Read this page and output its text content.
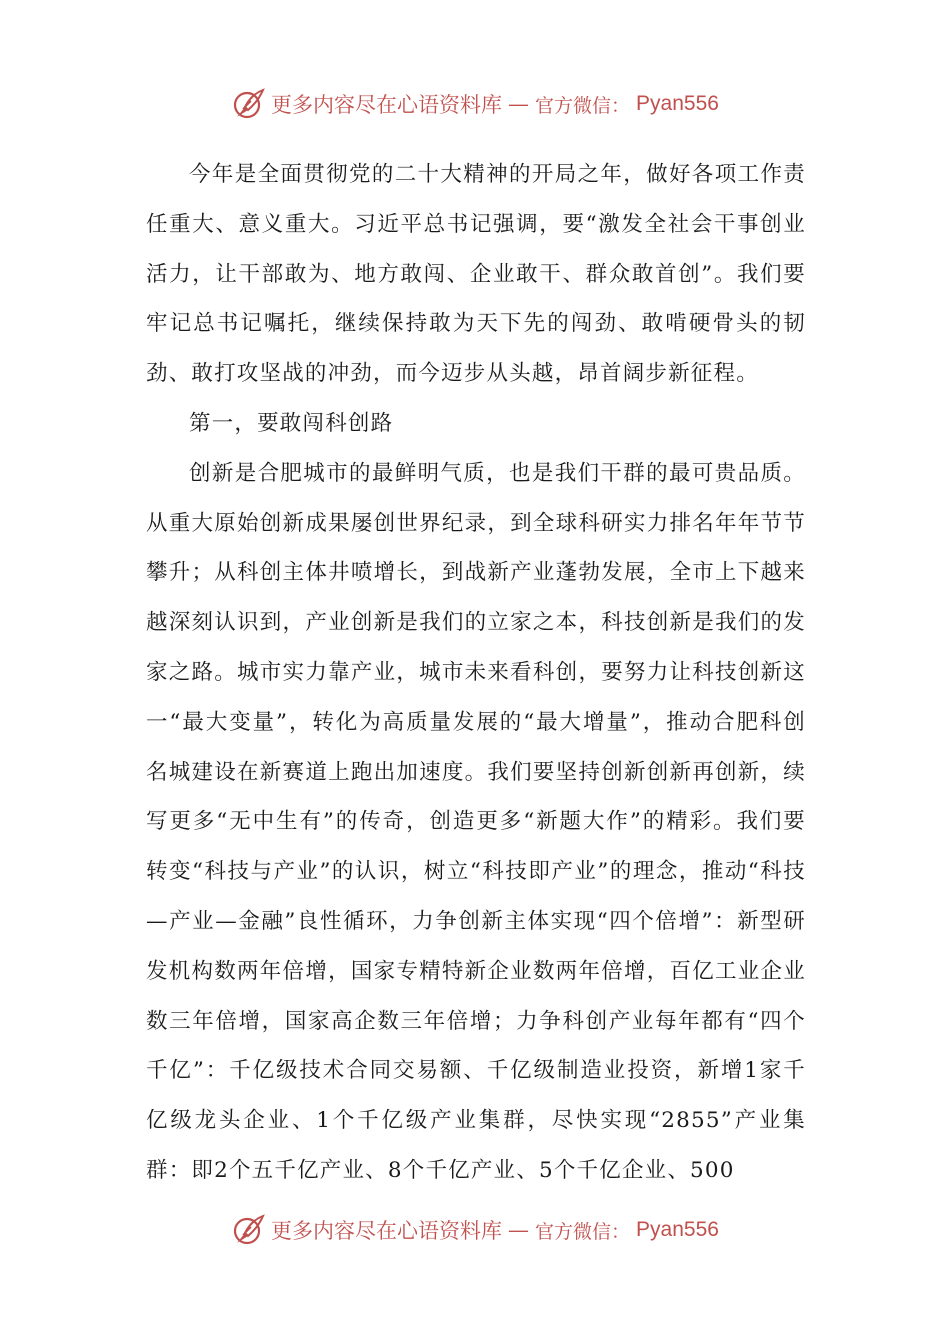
更多内容尽在心语资料库 — 官方微信： Pyan556

今年是全面贯彻党的二十大精神的开局之年，做好各项工作责任重大、意义重大。习近平总书记强调，要“激发全社会干事创业活力，让干部敢为、地方敢闯、企业敢干、群众敢首创”。我们要牢记总书记嘱托，继续保持敢为天下先的闯劲、敢啃硬骨头的韧劲、敢打攻坚战的冲劲，而今迈步从头越，昂首阔步新征程。

第一，要敢闯科创路

创新是合肥城市的最鲜明气质，也是我们干群的最可贵品质。从重大原始创新成果屡创世界纪录，到全球科研实力排名年年节节攀升；从科创主体井喷增长，到战新产业蓬勃发展，全市上下越来越深刻认识到，产业创新是我们的立家之本，科技创新是我们的发家之路。城市实力靠产业，城市未来看科创，要努力让科技创新这一“最大变量”，转化为高质量发展的“最大增量”，推动合肥科创名城建设在新赛道上跑出加速度。我们要坚持创新创新再创新，续写更多“无中生有”的传奇，创造更多“新题大作”的精彩。我们要转变“科技与产业”的认识，树立“科技即产业”的理念，推动“科技—产业—金融”良性循环，力争创新主体实现“四个倍增”：新型研发机构数两年倍增，国家专精特新企业数两年倍增，百亿工业企业数三年倍增，国家高企数三年倍增；力争科创产业每年都有“四个千亿”：千亿级技术合同交易额、千亿级制造业投资，新增1家千亿级龙头企业、1个千亿级产业集群，尽快实现“2855”产业集群：即2个五千亿产业、8个千亿产业、5个千亿企业、500

更多内容尽在心语资料库 — 官方微信： Pyan556
